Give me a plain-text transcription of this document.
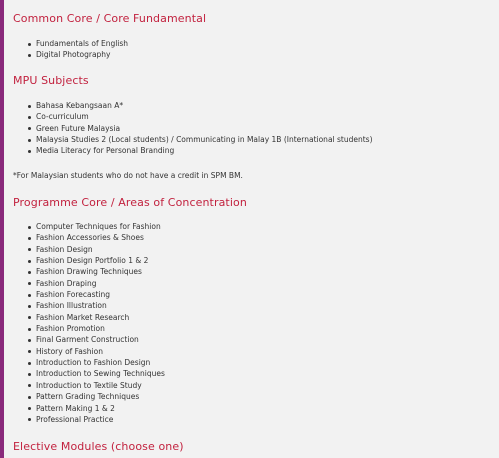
Common Core / Core Fundamental
Fundamentals of English
Digital Photography
MPU Subjects
Bahasa Kebangsaan A*
Co-curriculum
Green Future Malaysia
Malaysia Studies 2 (Local students) / Communicating in Malay 1B (International students)
Media Literacy for Personal Branding
*For Malaysian students who do not have a credit in SPM BM.
Programme Core / Areas of Concentration
Computer Techniques for Fashion
Fashion Accessories & Shoes
Fashion Design
Fashion Design Portfolio 1 & 2
Fashion Drawing Techniques
Fashion Draping
Fashion Forecasting
Fashion Illustration
Fashion Market Research
Fashion Promotion
Final Garment Construction
History of Fashion
Introduction to Fashion Design
Introduction to Sewing Techniques
Introduction to Textile Study
Pattern Grading Techniques
Pattern Making 1 & 2
Professional Practice
Elective Modules (choose one)
